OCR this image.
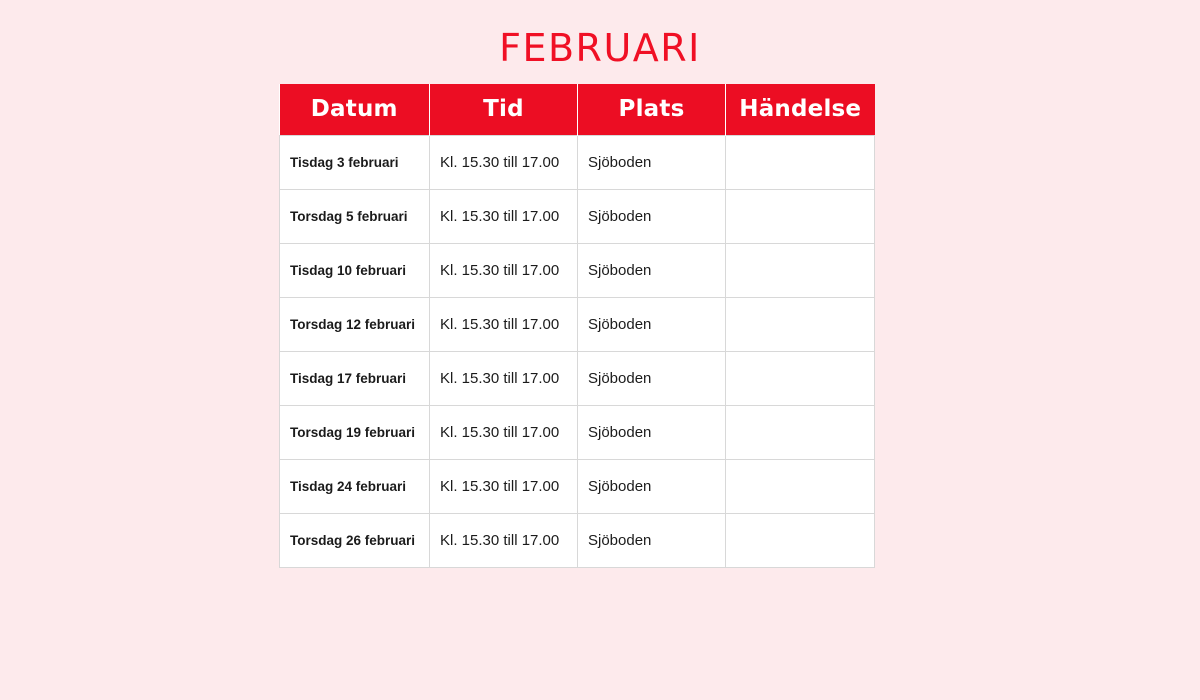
FEBRUARI
Datum	Tid	Plats	Händelse
Tisdag 3 februari	Kl. 15.30 till 17.00	Sjöboden	
Torsdag 5 februari	Kl. 15.30 till 17.00	Sjöboden	
Tisdag 10 februari	Kl. 15.30 till 17.00	Sjöboden	
Torsdag 12 februari	Kl. 15.30 till 17.00	Sjöboden	
Tisdag 17 februari	Kl. 15.30 till 17.00	Sjöboden	
Torsdag 19 februari	Kl. 15.30 till 17.00	Sjöboden	
Tisdag 24 februari	Kl. 15.30 till 17.00	Sjöboden	
Torsdag 26 februari	Kl. 15.30 till 17.00	Sjöboden	
